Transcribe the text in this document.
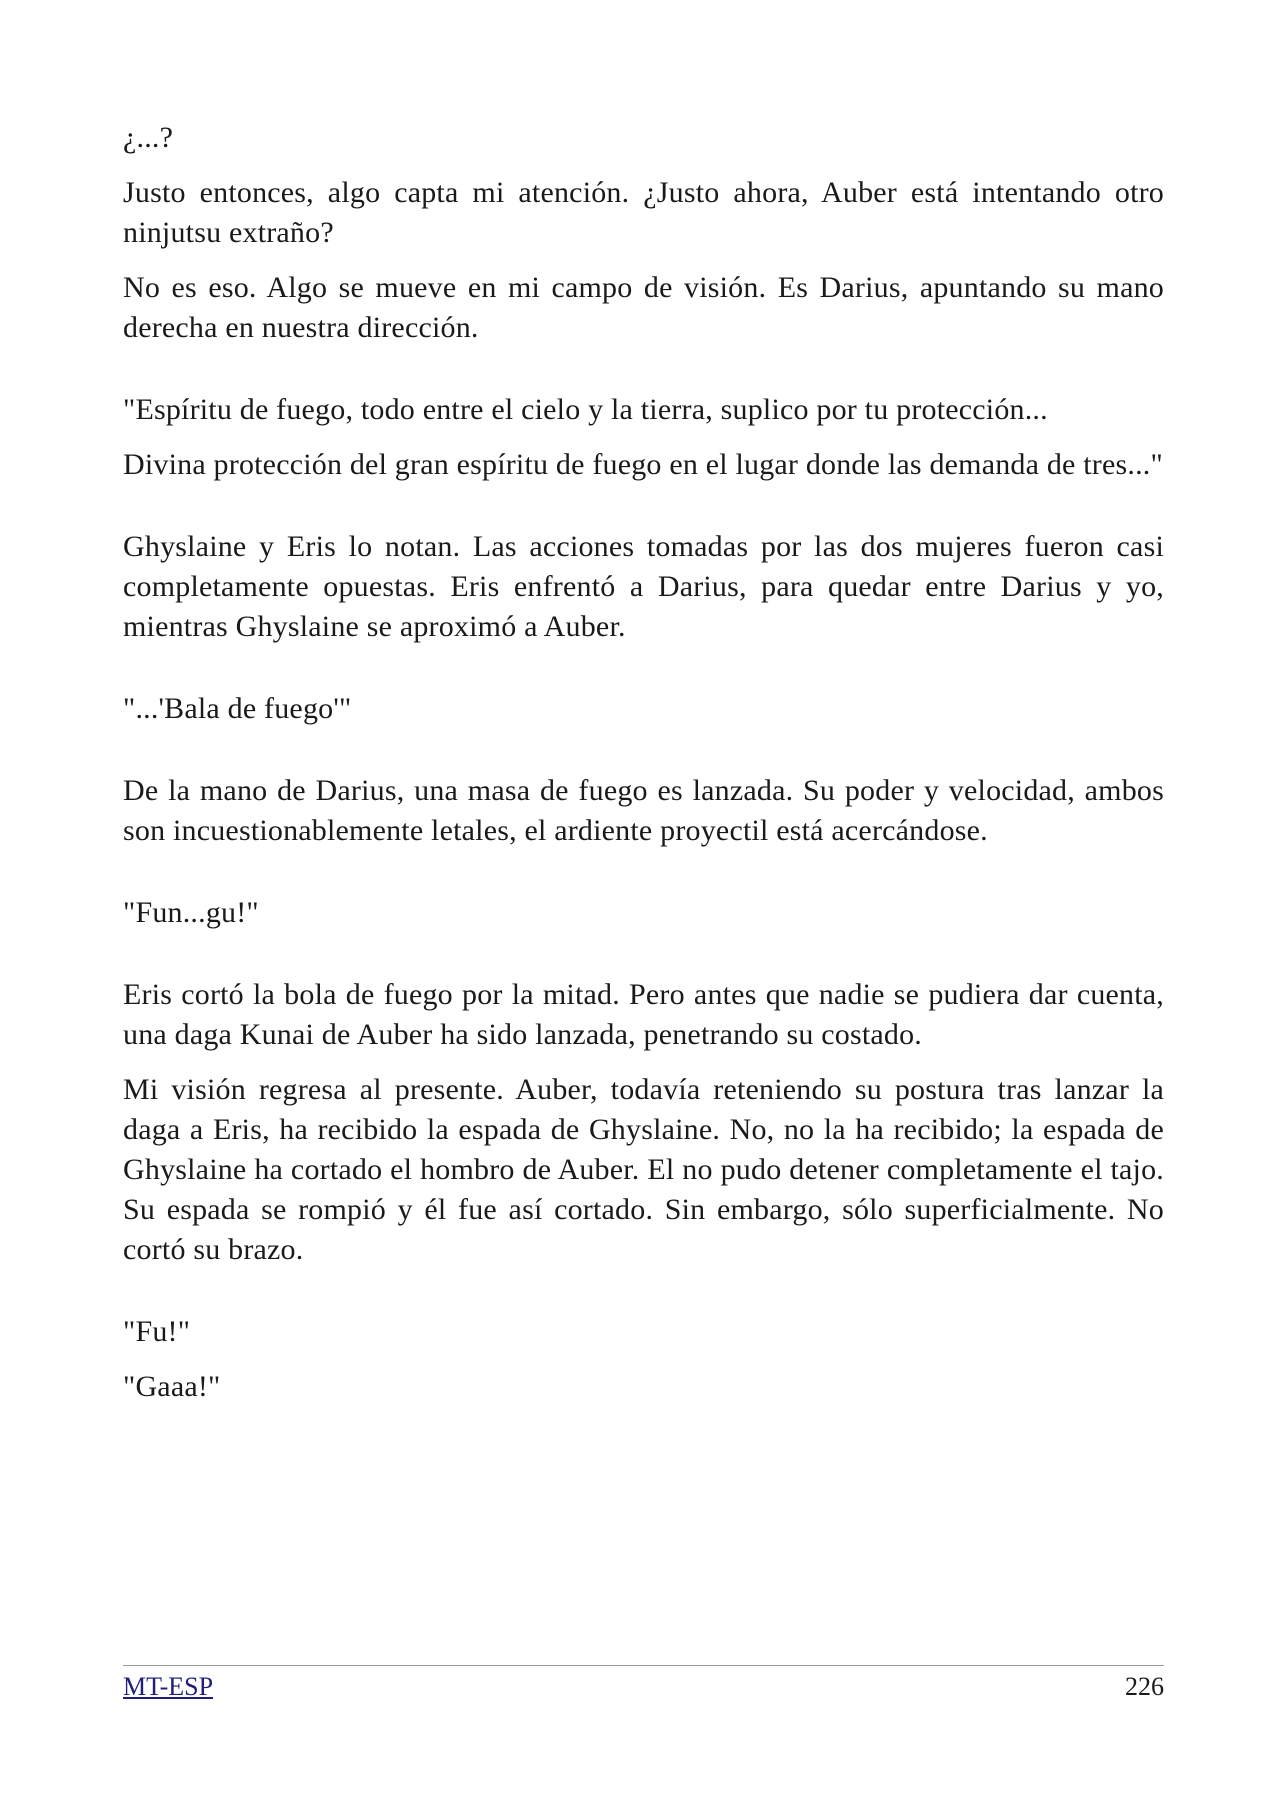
¿...?

Justo entonces, algo capta mi atención. ¿Justo ahora, Auber está intentando otro ninjutsu extraño?

No es eso. Algo se mueve en mi campo de visión. Es Darius, apuntando su mano derecha en nuestra dirección.

"Espíritu de fuego, todo entre el cielo y la tierra, suplico por tu protección...

Divina protección del gran espíritu de fuego en el lugar donde las demanda de tres..."

Ghyslaine y Eris lo notan. Las acciones tomadas por las dos mujeres fueron casi completamente opuestas. Eris enfrentó a Darius, para quedar entre Darius y yo, mientras Ghyslaine se aproximó a Auber.

"...'Bala de fuego'"

De la mano de Darius, una masa de fuego es lanzada. Su poder y velocidad, ambos son incuestionablemente letales, el ardiente proyectil está acercándose.

"Fun...gu!"

Eris cortó la bola de fuego por la mitad. Pero antes que nadie se pudiera dar cuenta, una daga Kunai de Auber ha sido lanzada, penetrando su costado.

Mi visión regresa al presente. Auber, todavía reteniendo su postura tras lanzar la daga a Eris, ha recibido la espada de Ghyslaine. No, no la ha recibido; la espada de Ghyslaine ha cortado el hombro de Auber. El no pudo detener completamente el tajo. Su espada se rompió y él fue así cortado. Sin embargo, sólo superficialmente. No cortó su brazo.

"Fu!"

"Gaaa!"

MT-ESP	226
